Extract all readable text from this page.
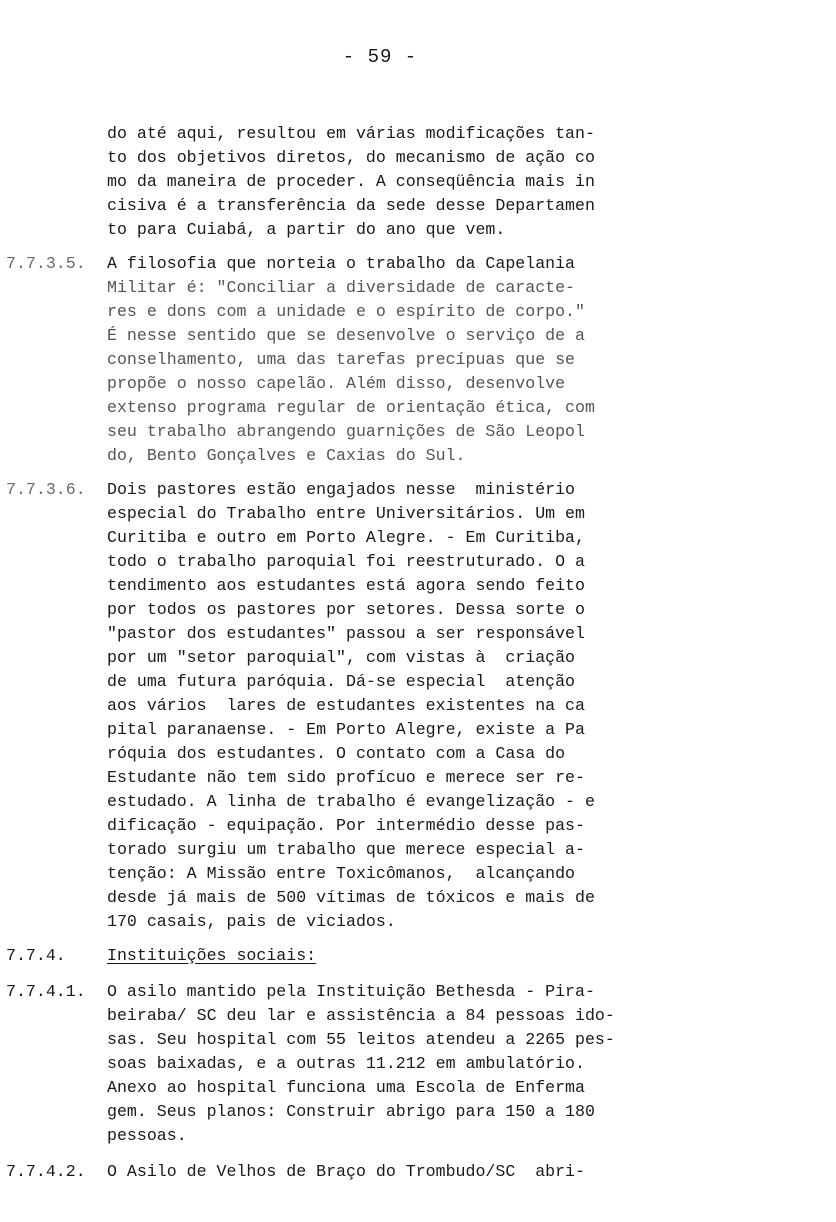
- 59 -
do até aqui, resultou em várias modificações tan-
to dos objetivos diretos, do mecanismo de ação co
mo da maneira de proceder. A conseqüência mais in
cisiva é a transferência da sede desse Departamen
to para Cuiabá, a partir do ano que vem.
7.7.3.5. A filosofia que norteia o trabalho da Capelania
Militar é: "Conciliar a diversidade de caracte-
res e dons com a unidade e o espírito de corpo."
É nesse sentido que se desenvolve o serviço de a
conselhamento, uma das tarefas precípuas que se
propõe o nosso capelão. Além disso, desenvolve
extenso programa regular de orientação ética, com
seu trabalho abrangendo guarnições de São Leopol
do, Bento Gonçalves e Caxias do Sul.
7.7.3.6. Dois pastores estão engajados nesse  ministério
especial do Trabalho entre Universitários. Um em
Curitiba e outro em Porto Alegre. - Em Curitiba,
todo o trabalho paroquial foi reestruturado. O a
tendimento aos estudantes está agora sendo feito
por todos os pastores por setores. Dessa sorte o
"pastor dos estudantes" passou a ser responsável
por um "setor paroquial", com vistas à  criação
de uma futura paróquia. Dá-se especial  atenção
aos vários  lares de estudantes existentes na ca
pital paranaense. - Em Porto Alegre, existe a Pa
róquia dos estudantes. O contato com a Casa do
Estudante não tem sido profícuo e merece ser re-
estudado. A linha de trabalho é evangelização - e
dificação - equipação. Por intermédio desse pas-
torado surgiu um trabalho que merece especial a-
tenção: A Missão entre Toxicômanos,  alcançando
desde já mais de 500 vítimas de tóxicos e mais de
170 casais, pais de viciados.
7.7.4. Instituições sociais:
7.7.4.1. O asilo mantido pela Instituição Bethesda - Pira-
beiraba/ SC deu lar e assistência a 84 pessoas ido-
sas. Seu hospital com 55 leitos atendeu a 2265 pes-
soas baixadas, e a outras 11.212 em ambulatório.
Anexo ao hospital funciona uma Escola de Enferma
gem. Seus planos: Construir abrigo para 150 a 180
pessoas.
7.7.4.2. O Asilo de Velhos de Braço do Trombudo/SC  abri-
